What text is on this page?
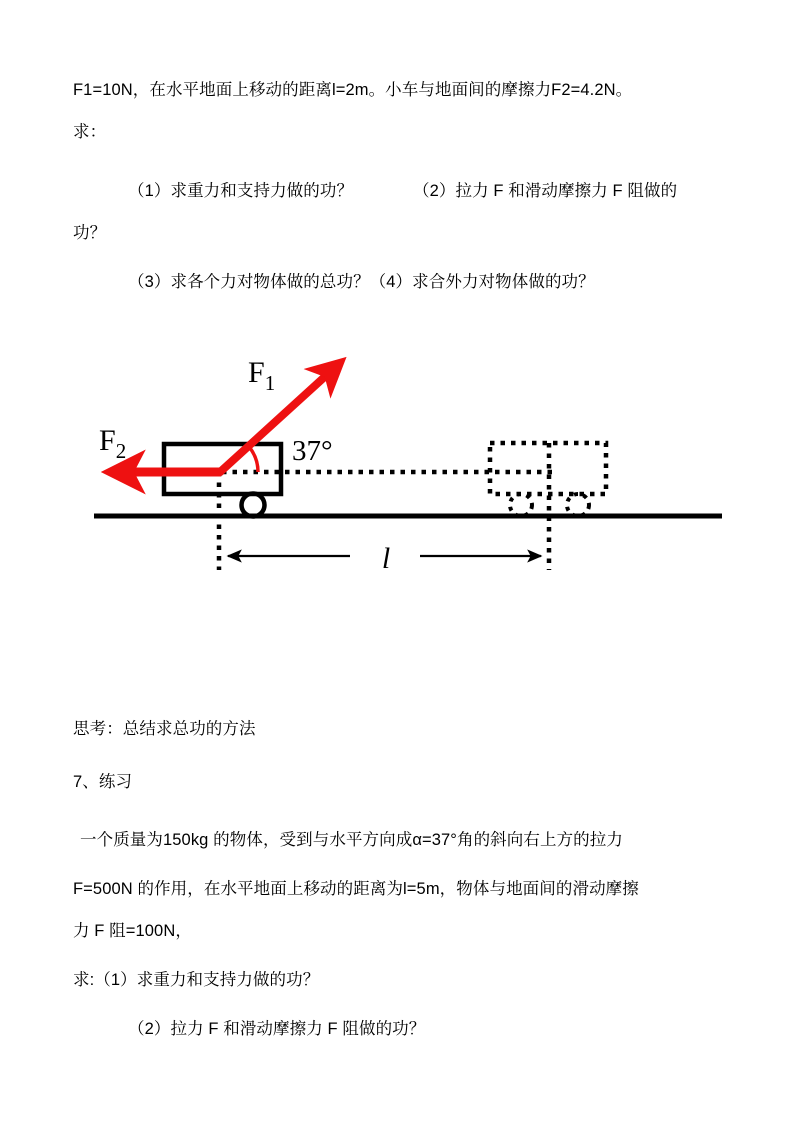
F1=10N，在水平地面上移动的距离l=2m。小车与地面间的摩擦力F2=4.2N。
求：
（1）求重力和支持力做的功？	（2）拉力 F 和滑动摩擦力 F 阻做的
功？
（3）求各个力对物体做的总功？（4）求合外力对物体做的功？
$F_1$
$F_2$	37°
l
思考：总结求总功的方法
7、练习
一个质量为150kg 的物体，受到与水平方向成α=37°角的斜向右上方的拉力
F=500N 的作用，在水平地面上移动的距离为l=5m，物体与地面间的滑动摩擦
力 F 阻=100N，
求:（1）求重力和支持力做的功？
（2）拉力 F 和滑动摩擦力 F 阻做的功？
